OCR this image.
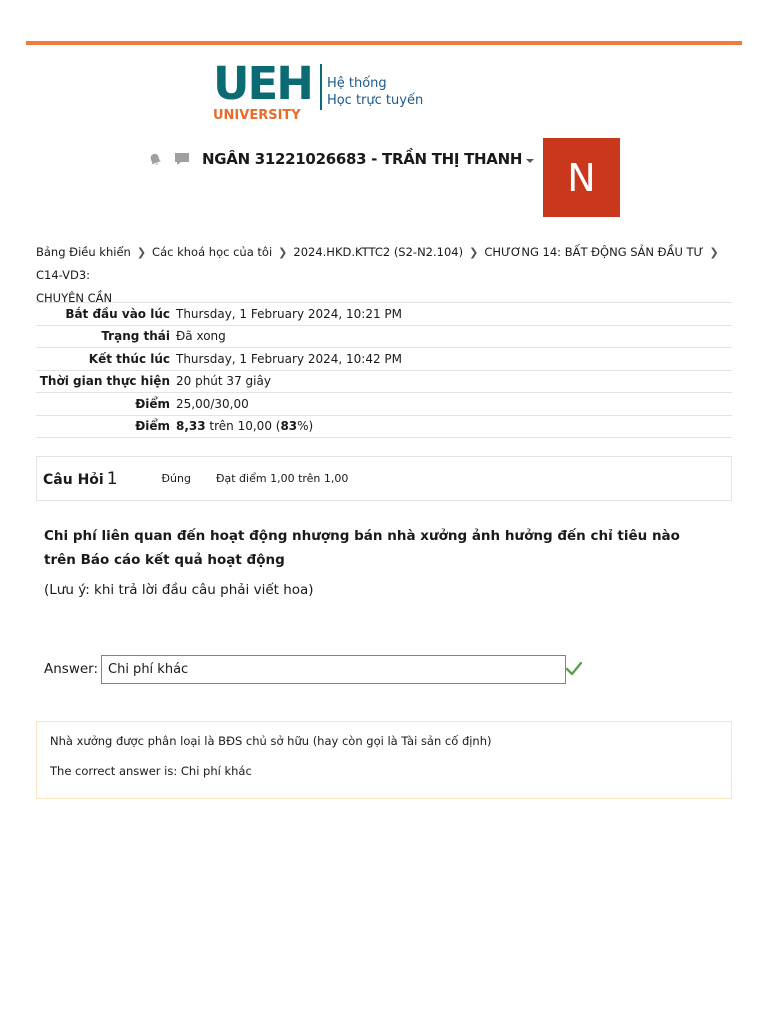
UEH
UNIVERSITY
Hệ thống
Học trực tuyến
NGÂN 31221026683 - TRẦN THỊ THANH	N
Bảng Điều khiển ❯ Các khoá học của tôi ❯ 2024.HKD.KTTC2 (S2-N2.104) ❯ CHƯƠNG 14: BẤT ĐỘNG SẢN ĐẦU TƯ ❯C14-VD3:
CHUYÊN CẦN
Bắt đầu vào lúc	Thursday, 1 February 2024, 10:21 PM
Trạng thái	Đã xong
Kết thúc lúc	Thursday, 1 February 2024, 10:42 PM
Thời gian thực hiện	20 phút 37 giây
Điểm	25,00/30,00
Điểm	8,33 trên 10,00 (83%)
Câu Hỏi 1	Đúng Đạt điểm 1,00 trên 1,00
Chi phí liên quan đến hoạt động nhượng bán nhà xưởng ảnh hưởng đến chỉ tiêu nào trên Báo cáo kết quả hoạt động
(Lưu ý: khi trả lời đầu câu phải viết hoa)
Answer: Chi phí khác
Nhà xưởng được phân loại là BĐS chủ sở hữu (hay còn gọi là Tài sản cố định)
The correct answer is: Chi phí khác
